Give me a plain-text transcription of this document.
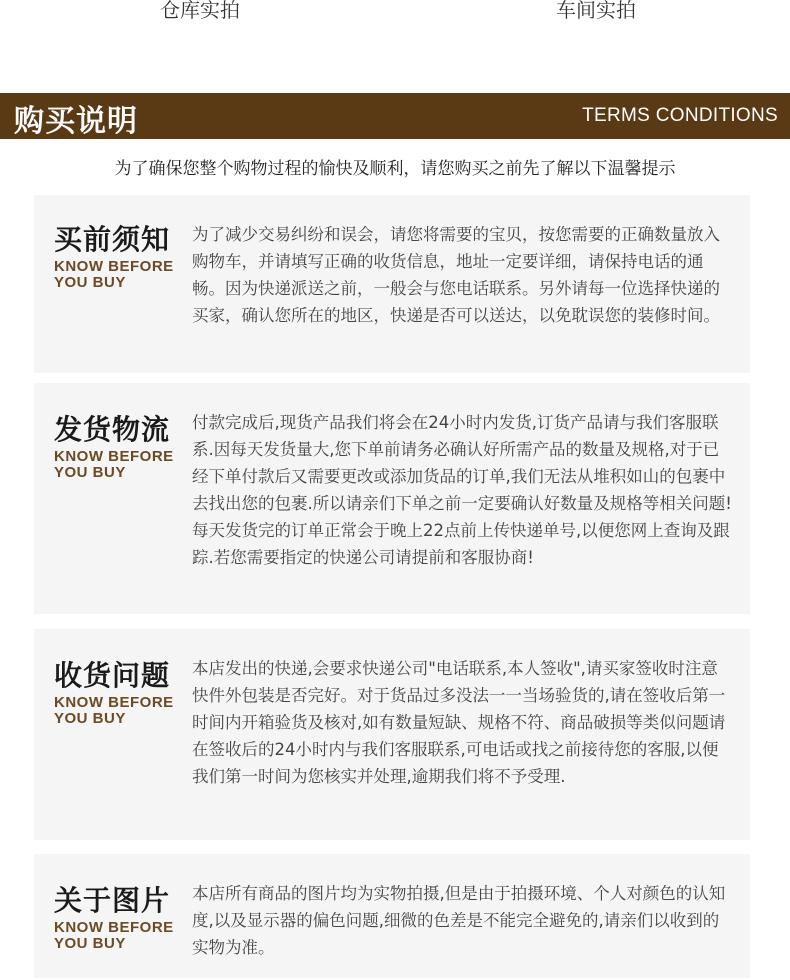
仓库实拍	车间实拍
购买说明	TERMS CONDITIONS
为了确保您整个购物过程的愉快及顺利，请您购买之前先了解以下温馨提示
买前须知
KNOW BEFORE
YOU BUY
为了减少交易纠纷和误会，请您将需要的宝贝，按您需要的正确数量放入购物车，并请填写正确的收货信息，地址一定要详细，请保持电话的通畅。因为快递派送之前，一般会与您电话联系。另外请每一位选择快递的买家，确认您所在的地区，快递是否可以送达，以免耽误您的装修时间。
发货物流
KNOW BEFORE
YOU BUY
付款完成后,现货产品我们将会在24小时内发货,订货产品请与我们客服联系.因每天发货量大,您下单前请务必确认好所需产品的数量及规格,对于已经下单付款后又需要更改或添加货品的订单,我们无法从堆积如山的包裹中去找出您的包裹.所以请亲们下单之前一定要确认好数量及规格等相关问题!每天发货完的订单正常会于晚上22点前上传快递单号,以便您网上查询及跟踪.若您需要指定的快递公司请提前和客服协商!
收货问题
KNOW BEFORE
YOU BUY
本店发出的快递,会要求快递公司"电话联系,本人签收",请买家签收时注意快件外包装是否完好。对于货品过多没法一一当场验货的,请在签收后第一时间内开箱验货及核对,如有数量短缺、规格不符、商品破损等类似问题请在签收后的24小时内与我们客服联系,可电话或找之前接待您的客服,以便我们第一时间为您核实并处理,逾期我们将不予受理.
关于图片
KNOW BEFORE
YOU BUY
本店所有商品的图片均为实物拍摄,但是由于拍摄环境、个人对颜色的认知度,以及显示器的偏色问题,细微的色差是不能完全避免的,请亲们以收到的实物为准。
